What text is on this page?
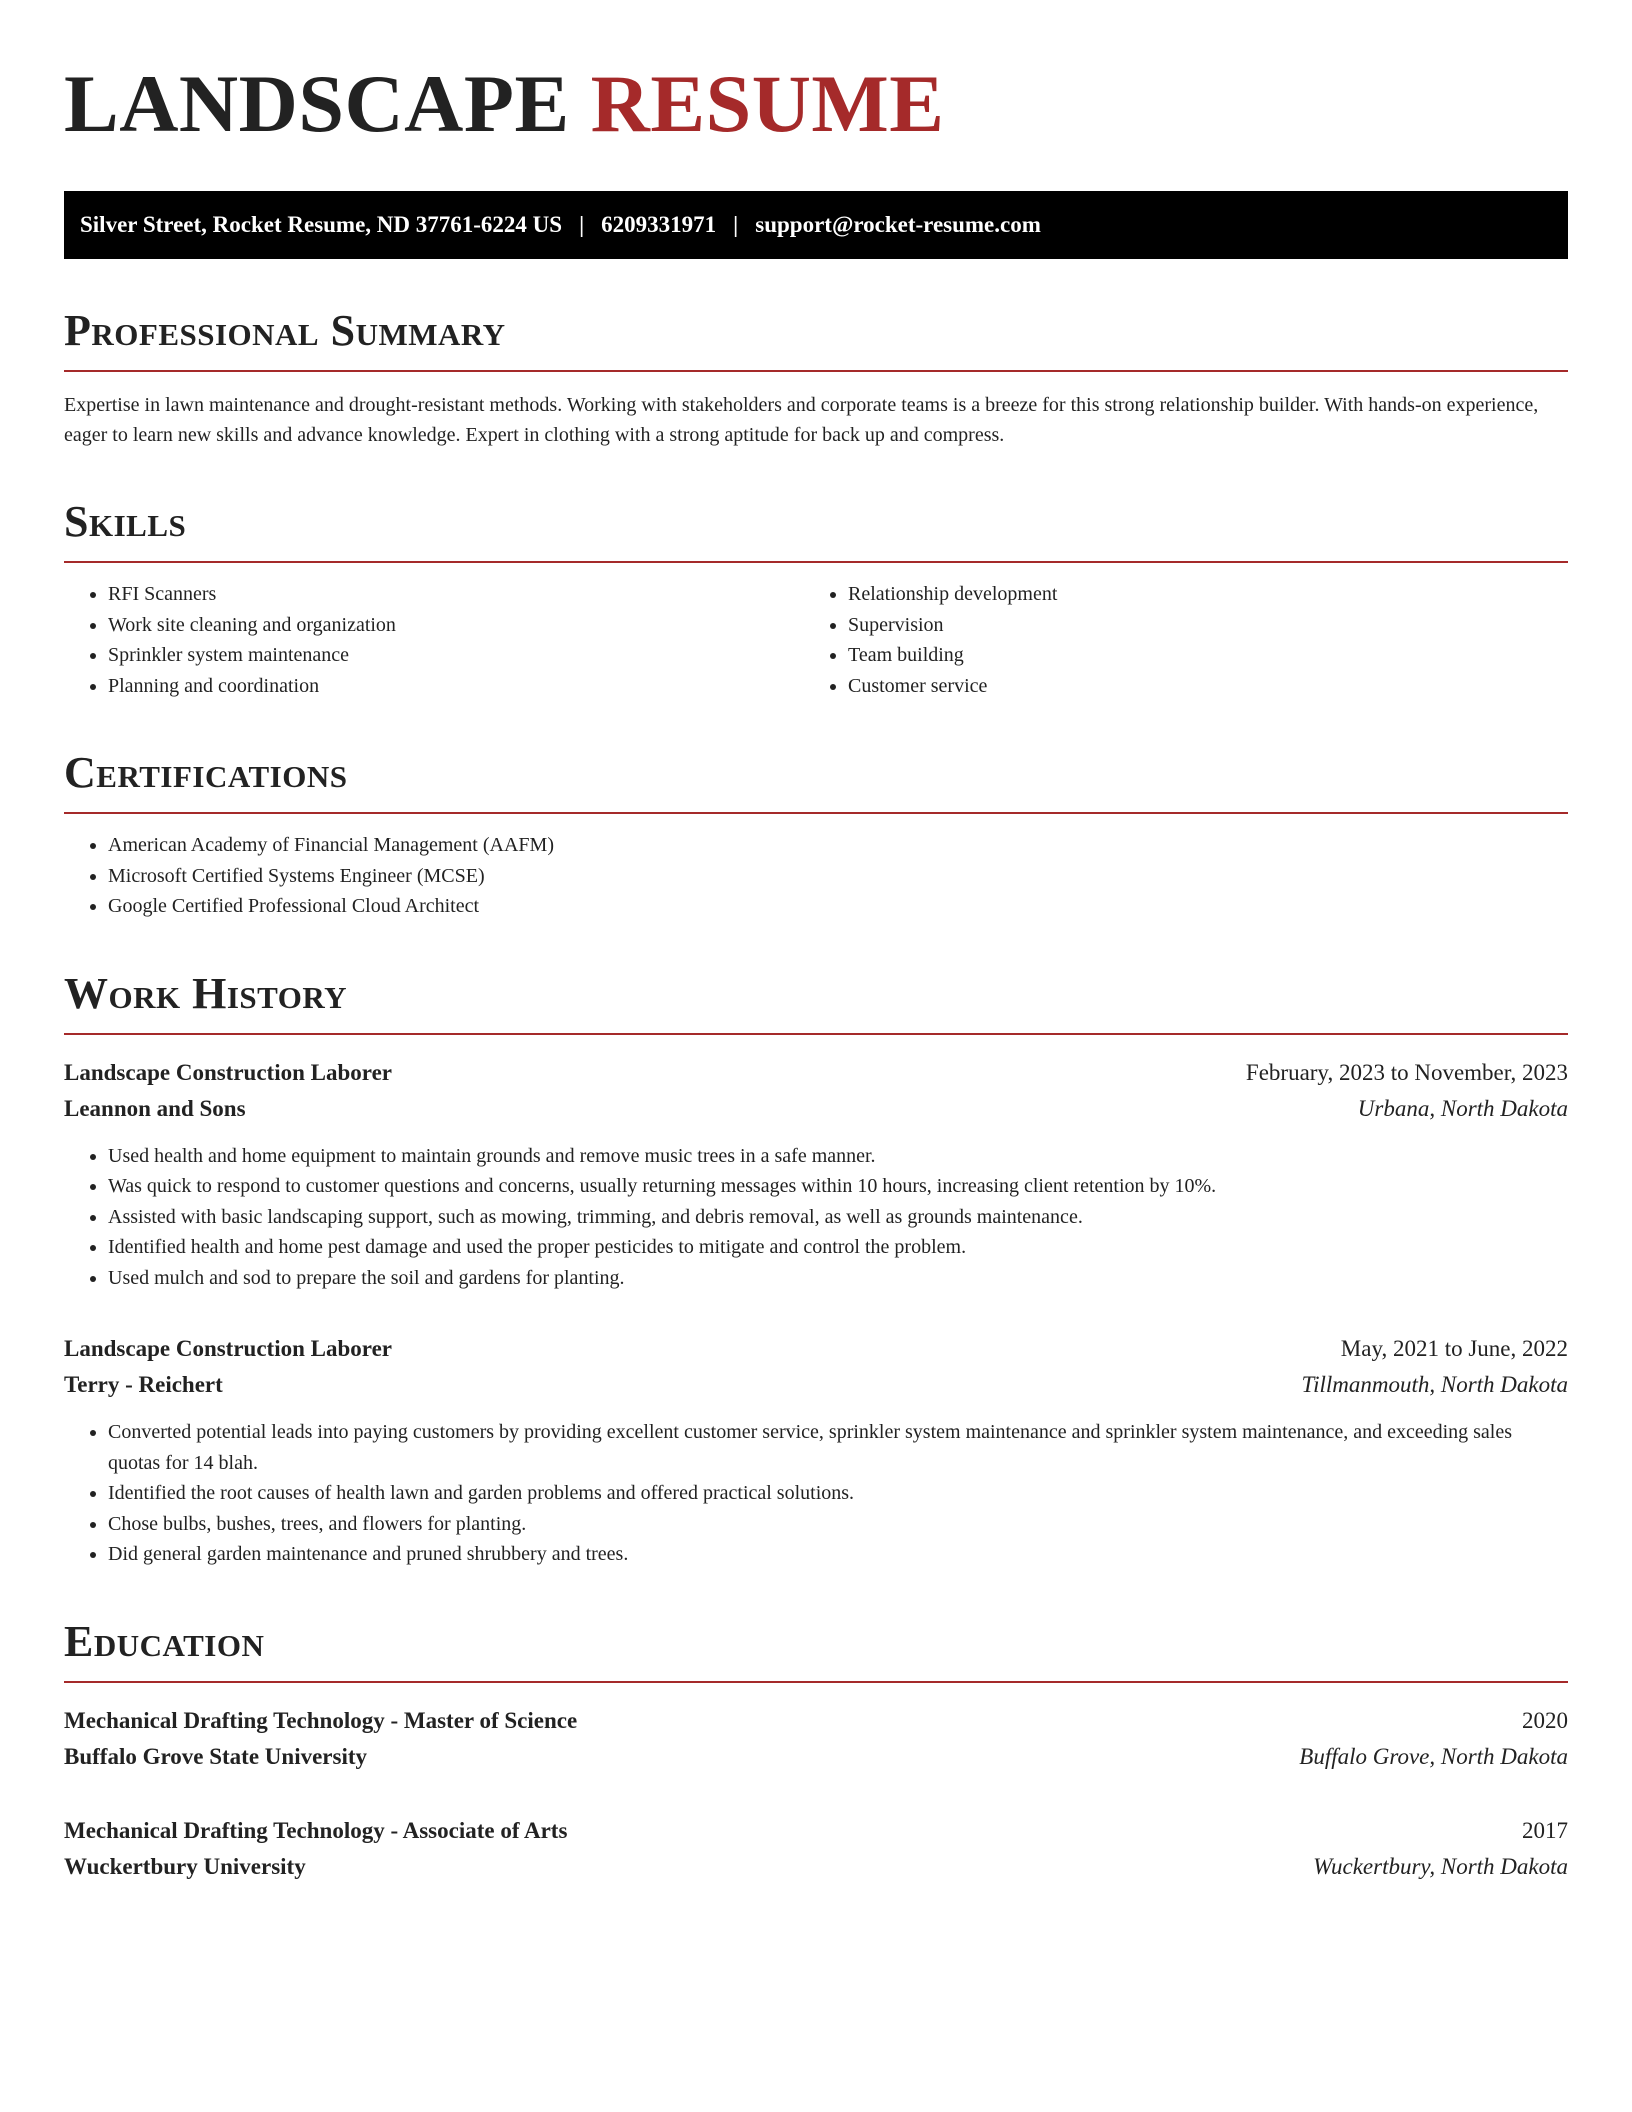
LANDSCAPE RESUME
Silver Street, Rocket Resume, ND 37761-6224 US | 6209331971 | support@rocket-resume.com
Professional Summary

Expertise in lawn maintenance and drought-resistant methods. Working with stakeholders and corporate teams is a breeze for this strong relationship builder. With hands-on experience, eager to learn new skills and advance knowledge. Expert in clothing with a strong aptitude for back up and compress.

Skills
• RFI Scanners
• Work site cleaning and organization
• Sprinkler system maintenance
• Planning and coordination
• Relationship development
• Supervision
• Team building
• Customer service
Certifications
• American Academy of Financial Management (AAFM)
• Microsoft Certified Systems Engineer (MCSE)
• Google Certified Professional Cloud Architect
Work History
Landscape Construction Laborer	February, 2023 to November, 2023
Leannon and Sons	Urbana, North Dakota
• Used health and home equipment to maintain grounds and remove music trees in a safe manner.
• Was quick to respond to customer questions and concerns, usually returning messages within 10 hours, increasing client retention by 10%.
• Assisted with basic landscaping support, such as mowing, trimming, and debris removal, as well as grounds maintenance.
• Identified health and home pest damage and used the proper pesticides to mitigate and control the problem.
• Used mulch and sod to prepare the soil and gardens for planting.
Landscape Construction Laborer	May, 2021 to June, 2022
Terry - Reichert	Tillmanmouth, North Dakota
• Converted potential leads into paying customers by providing excellent customer service, sprinkler system maintenance and sprinkler system maintenance, and exceeding sales quotas for 14 blah.
• Identified the root causes of health lawn and garden problems and offered practical solutions.
• Chose bulbs, bushes, trees, and flowers for planting.
• Did general garden maintenance and pruned shrubbery and trees.
Education
Mechanical Drafting Technology - Master of Science	2020
Buffalo Grove State University	Buffalo Grove, North Dakota
Mechanical Drafting Technology - Associate of Arts	2017
Wuckertbury University	Wuckertbury, North Dakota
